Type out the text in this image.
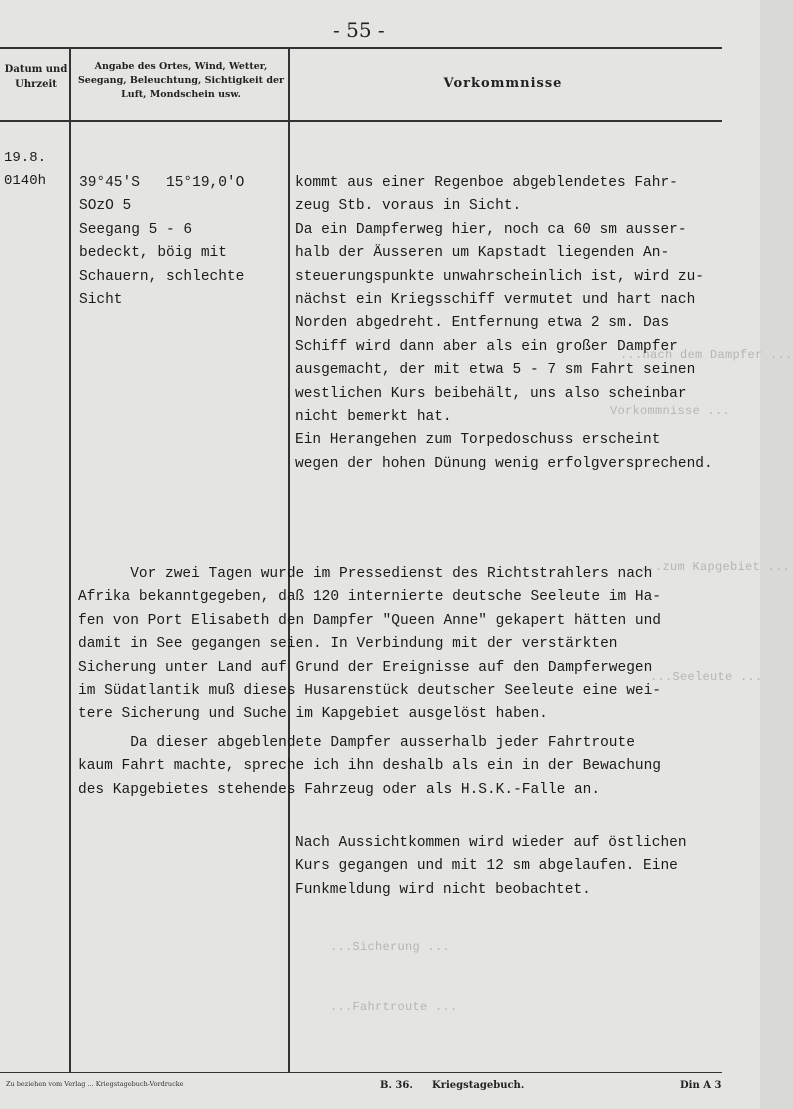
...nach dem Dampfer ...
Vorkommnisse ...
...zum Kapgebiet ...
...Seeleute ...
...Sicherung ...
...Fahrtroute ...
- 55 -
Datum und Uhrzeit
Angabe des Ortes, Wind, Wetter, Seegang, Beleuchtung, Sichtigkeit der Luft, Mondschein usw.
Vorkommnisse
19.8.
0140h 39°45'S   15°19,0'O
SOzO 5
Seegang 5 - 6
bedeckt, böig mit
Schauern, schlechte
Sicht
kommt aus einer Regenboe abgeblendetes Fahr-
zeug Stb. voraus in Sicht.
Da ein Dampferweg hier, noch ca 60 sm ausser-
halb der Äusseren um Kapstadt liegenden An-
steuerungspunkte unwahrscheinlich ist, wird zu-
nächst ein Kriegsschiff vermutet und hart nach
Norden abgedreht. Entfernung etwa 2 sm. Das
Schiff wird dann aber als ein großer Dampfer
ausgemacht, der mit etwa 5 - 7 sm Fahrt seinen
westlichen Kurs beibehält, uns also scheinbar
nicht bemerkt hat.
Ein Herangehen zum Torpedoschuss erscheint
wegen der hohen Dünung wenig erfolgversprechend.
Vor zwei Tagen wurde im Pressedienst des Richtstrahlers nach
Afrika bekanntgegeben, daß 120 internierte deutsche Seeleute im Ha-
fen von Port Elisabeth den Dampfer "Queen Anne" gekapert hätten und
damit in See gegangen seien. In Verbindung mit der verstärkten
Sicherung unter Land auf Grund der Ereignisse auf den Dampferwegen
im Südatlantik muß dieses Husarenstück deutscher Seeleute eine wei-
tere Sicherung und Suche im Kapgebiet ausgelöst haben.
Da dieser abgeblendete Dampfer ausserhalb jeder Fahrtroute
kaum Fahrt machte, spreche ich ihn deshalb als ein in der Bewachung
des Kapgebietes stehendes Fahrzeug oder als H.S.K.-Falle an.
Nach Aussichtkommen wird wieder auf östlichen
Kurs gegangen und mit 12 sm abgelaufen. Eine
Funkmeldung wird nicht beobachtet.
Zu beziehen vom Verlag ... Kriegstagebuch-Vordrucke	B. 36. Kriegstagebuch.	Din A 3
